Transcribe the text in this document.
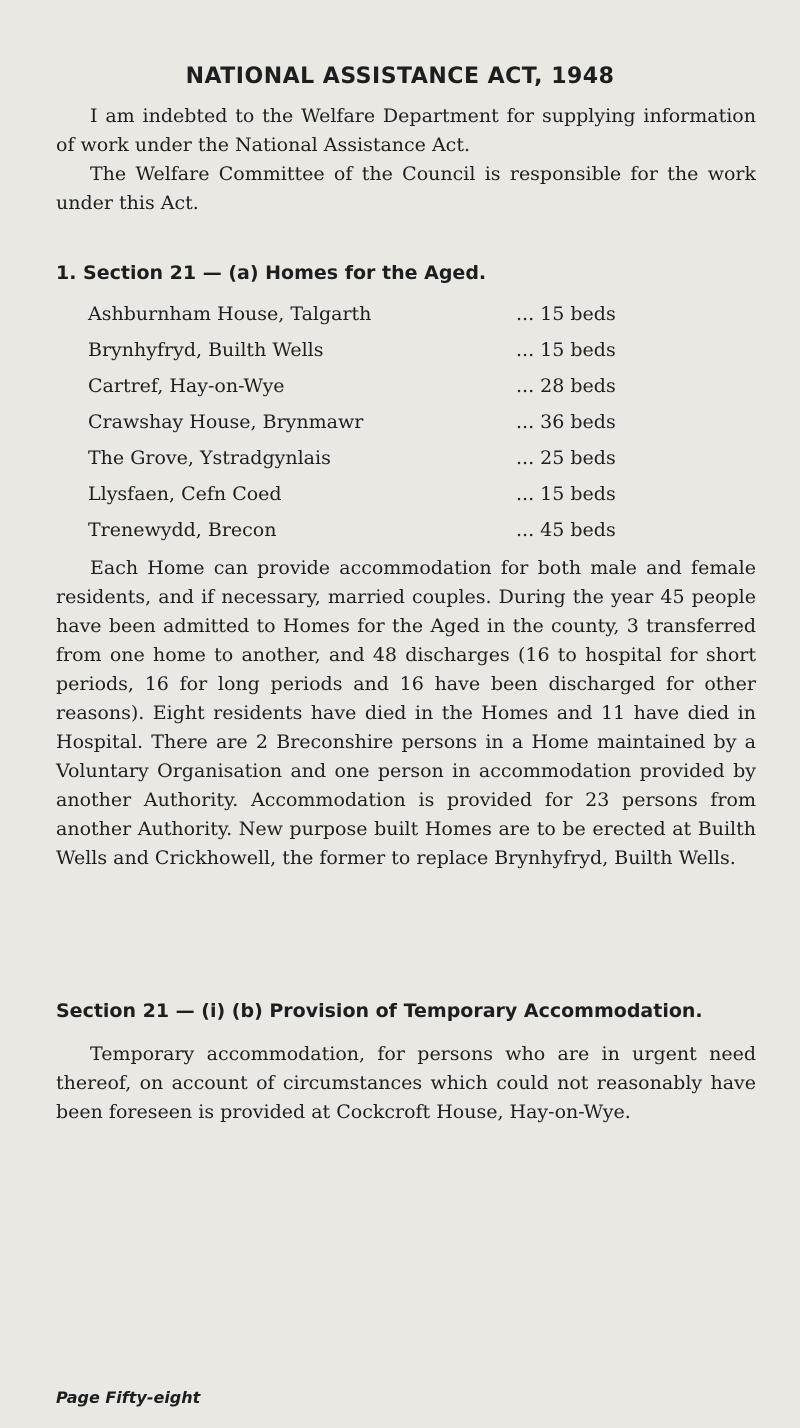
NATIONAL ASSISTANCE ACT, 1948

I am indebted to the Welfare Department for supplying information of work under the National Assistance Act.

The Welfare Committee of the Council is responsible for the work under this Act.

1. Section 21 — (a) Homes for the Aged.
Ashburnham House, Talgarth	... 15 beds
Brynhyfryd, Builth Wells	... 15 beds
Cartref, Hay-on-Wye	... 28 beds
Crawshay House, Brynmawr	... 36 beds
The Grove, Ystradgynlais	... 25 beds
Llysfaen, Cefn Coed	... 15 beds
Trenewydd, Brecon	... 45 beds

Each Home can provide accommodation for both male and female residents, and if necessary, married couples. During the year 45 people have been admitted to Homes for the Aged in the county, 3 transferred from one home to another, and 48 discharges (16 to hospital for short periods, 16 for long periods and 16 have been discharged for other reasons). Eight residents have died in the Homes and 11 have died in Hospital. There are 2 Breconshire persons in a Home maintained by a Voluntary Organisation and one person in accommodation provided by another Authority. Accommodation is provided for 23 persons from another Authority. New purpose built Homes are to be erected at Builth Wells and Crickhowell, the former to replace Brynhyfryd, Builth Wells.

Section 21 — (i) (b) Provision of Temporary Accommodation.

Temporary accommodation, for persons who are in urgent need thereof, on account of circumstances which could not reasonably have been foreseen is provided at Cockcroft House, Hay-on-Wye.

Page Fifty-eight
